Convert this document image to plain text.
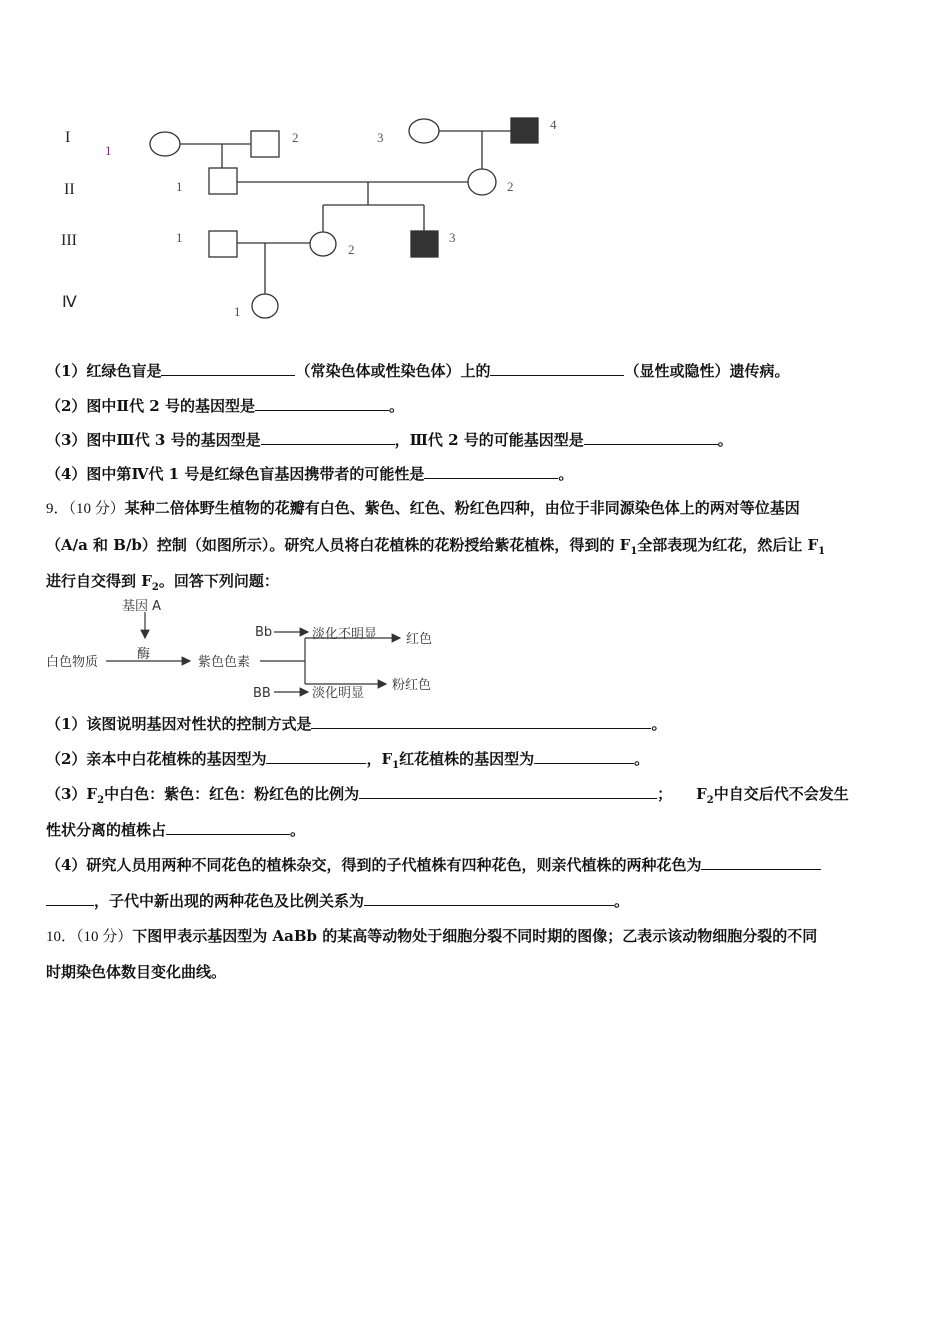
I
II
III
Ⅳ
1
2	3
4
1	2
1
2
3
1
（1）红绿色盲是	（常染色体或性染色体）上的	（显性或隐性）遗传病。
（2）图中Ⅱ代 2 号的基因型是	。
（3）图中Ⅲ代 3 号的基因型是	，Ⅲ代 2 号的可能基因型是	。
（4）图中第Ⅳ代 1 号是红绿色盲基因携带者的可能性是	。
9．（10 分）某种二倍体野生植物的花瓣有白色、紫色、红色、粉红色四种，由位于非同源染色体上的两对等位基因
（A/a 和 B/b）控制（如图所示）。研究人员将白花植株的花粉授给紫花植株，得到的 $F_1$全部表现为红花，然后让 $F_1$
进行自交得到 $F_2$。回答下列问题：
基因 A
酶
白色物质	紫色色素
Bb	淡化不明显 红色
BB	淡化明显
粉红色
（1）该图说明基因对性状的控制方式是	。
（2）亲本中白花植株的基因型为	，$F_1$红花植株的基因型为	。
$(3)F_2$中白色：紫色：红色：粉红色的比例为	； $F_2$中自交后代不会发生
性状分离的植株占	。
（4）研究人员用两种不同花色的植株杂交，得到的子代植株有四种花色，则亲代植株的两种花色为
，子代中新出现的两种花色及比例关系为	。
10．（10 分）下图甲表示基因型为 AaBb 的某高等动物处于细胞分裂不同时期的图像；乙表示该动物细胞分裂的不同
时期染色体数目变化曲线。
